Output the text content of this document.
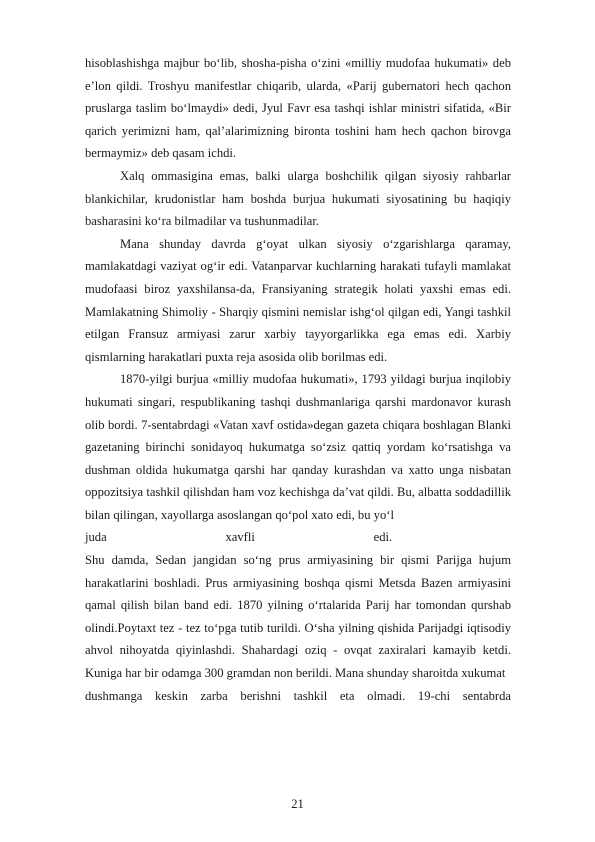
hisoblashishga majbur bo‘lib, shosha-pisha o‘zini «milliy mudofaa hukumati» deb e’lon qildi. Troshyu manifestlar chiqarib, ularda, «Parij gubernatori hech qachon pruslarga taslim bo‘lmaydi» dedi, Jyul Favr esa tashqi ishlar ministri sifatida, «Bir qarich yerimizni ham, qal’alarimizning bironta toshini ham hech qachon birovga bermaymiz» deb qasam ichdi.

Xalq ommasigina emas, balki ularga boshchilik qilgan siyosiy rahbarlar blankichilar, krudonistlar ham boshda burjua hukumati siyosatining bu haqiqiy basharasini ko‘ra bilmadilar va tushunmadilar.

Mana shunday davrda g‘oyat ulkan siyosiy o‘zgarishlarga qaramay, mamlakatdagi vaziyat og‘ir edi. Vatanparvar kuchlarning harakati tufayli mamlakat mudofaasi biroz yaxshilansa-da, Fransiyaning strategik holati yaxshi emas edi. Mamlakatning Shimoliy - Sharqiy qismini nemislar ishg‘ol qilgan edi, Yangi tashkil etilgan Fransuz armiyasi zarur xarbiy tayyorgarlikka ega emas edi. Xarbiy qismlarning harakatlari puxta reja asosida olib borilmas edi.

1870-yilgi burjua «milliy mudofaa hukumati», 1793 yildagi burjua inqilobiy hukumati singari, respublikaning tashqi dushmanlariga qarshi mardonavor kurash olib bordi. 7-sentabrdagi «Vatan xavf ostida»degan gazeta chiqara boshlagan Blanki gazetaning birinchi sonidayoq hukumatga so‘zsiz qattiq yordam ko‘rsatishga va dushman oldida hukumatga qarshi har qanday kurashdan va xatto unga nisbatan oppozitsiya tashkil qilishdan ham voz kechishga da’vat qildi. Bu, albatta soddadillik bilan qilingan, xayollarga asoslangan qo‘pol xato edi, bu yo‘l

juda	xavfli	edi.

Shu damda, Sedan jangidan so‘ng prus armiyasining bir qismi Parijga hujum harakatlarini boshladi. Prus armiyasining boshqa qismi Metsda Bazen armiyasini qamal qilish bilan band edi. 1870 yilning o‘rtalarida Parij har tomondan qurshab olindi.Poytaxt tez - tez to‘pga tutib turildi. O‘sha yilning qishida Parijadgi iqtisodiy ahvol nihoyatda qiyinlashdi. Shahardagi oziq - ovqat zaxiralari kamayib ketdi. Kuniga har bir odamga 300 gramdan non berildi. Mana shunday sharoitda xukumat

dushmanga keskin zarba berishni tashkil eta olmadi. 19-chi sentabrda
21
